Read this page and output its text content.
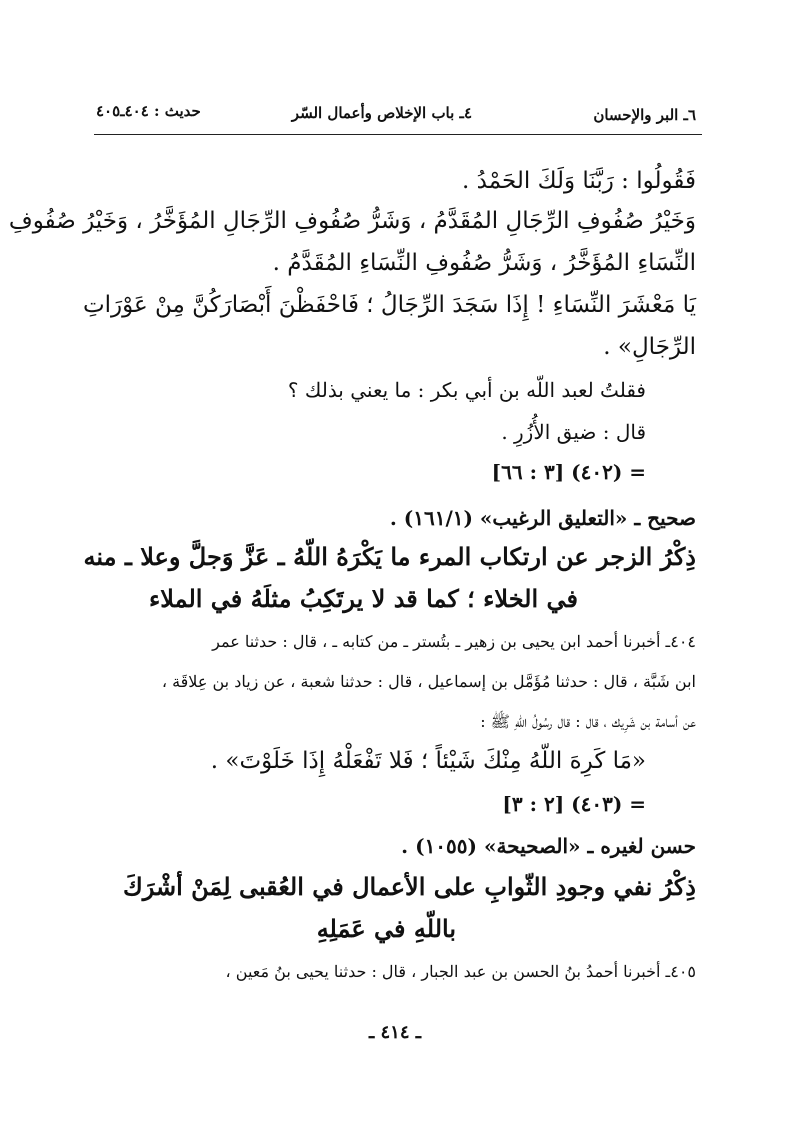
٦ـ البر والإحسان
٤ـ باب الإخلاص وأعمال السّر
حديث : ٤٠٤ـ٤٠٥
فَقُولُوا : رَبَّنَا وَلَكَ الحَمْدُ .
وَخَيْرُ صُفُوفِ الرِّجَالِ المُقَدَّمُ ، وَشَرُّ صُفُوفِ الرِّجَالِ المُؤَخَّرُ ، وَخَيْرُ صُفُوفِ
النِّسَاءِ المُؤَخَّرُ ، وَشَرُّ صُفُوفِ النِّسَاءِ المُقَدَّمُ .
يَا مَعْشَرَ النِّسَاءِ ! إِذَا سَجَدَ الرِّجَالُ ؛ فَاحْفَظْنَ أَبْصَارَكُنَّ مِنْ عَوْرَاتِ
الرِّجَالِ» .
فقلتُ لعبد اللّه بن أبي بكر : ما يعني بذلك ؟
قال : ضيق الأُزُرِ .
= (٤٠٢) [٣ : ٦٦]
صحيح ـ «التعليق الرغيب» (١٦١/١) .
ذِكْرُ الزجر عن ارتكاب المرء ما يَكْرَهُ اللّهُ ـ عَزَّ وَجلَّ وعلا ـ منه
في الخلاء ؛ كما قد لا يرتَكِبُ مثلَهُ في الملاء
٤٠٤ـ أخبرنا أحمد ابن يحيى بن زهير ـ بتُستر ـ من كتابه ـ ، قال : حدثنا عمر
ابن شَبَّة ، قال : حدثنا مُؤَمَّل بن إسماعيل ، قال : حدثنا شعبة ، عن زياد بن عِلاقَة ،
عن أسامة بن شَرِيك ، قال : قال رسُولُ اللّهِ ﷺ :
«مَا كَرِهَ اللّهُ مِنْكَ شَيْئاً ؛ فَلا تَفْعَلْهُ إِذَا خَلَوْتَ» .
= (٤٠٣) [٢ : ٣]
حسن لغيره ـ «الصحيحة» (١٠٥٥) .
ذِكْرُ نفي وجودِ الثّوابِ على الأعمال في العُقبى لِمَنْ أشْرَكَ
باللّهِ في عَمَلِهِ
٤٠٥ـ أخبرنا أحمدُ بنُ الحسن بن عبد الجبار ، قال : حدثنا يحيى بنُ مَعين ،
ـ ٤١٤ ـ
